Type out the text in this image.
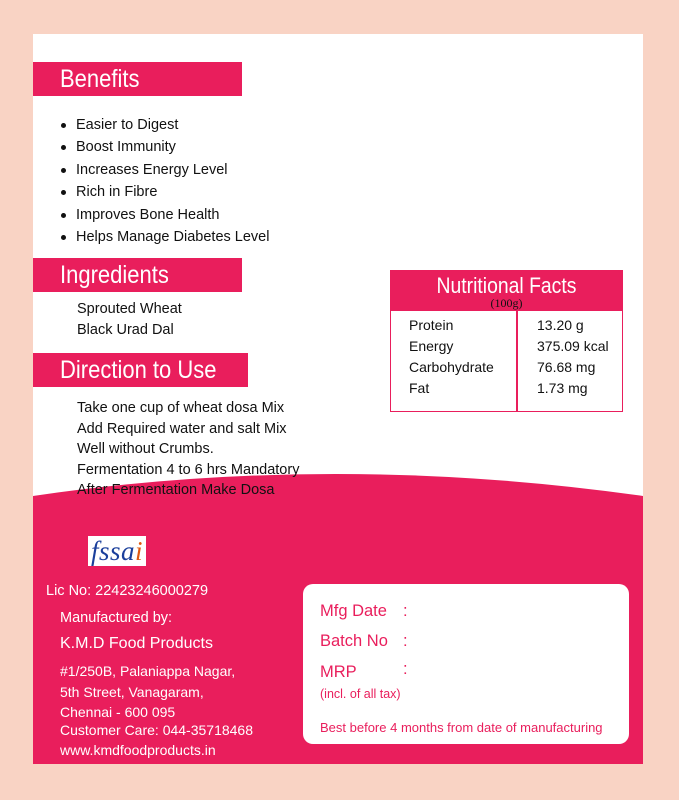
Benefits
Easier to Digest
Boost Immunity
Increases Energy Level
Rich in Fibre
Improves Bone Health
Helps Manage Diabetes Level
Ingredients
Sprouted Wheat
Black Urad Dal
Direction to Use
Take one cup of wheat dosa Mix
Add Required water and salt Mix
Well without Crumbs.
Fermentation 4 to 6 hrs Mandatory
After Fermentation Make Dosa
Nutritional Facts
(100g)
Protein	13.20 g
Energy	375.09 kcal
Carbohydrate	76.68 mg
Fat	1.73 mg
fssai
Lic No: 22423246000279
Manufactured by:
K.M.D Food Products
#1/250B, Palaniappa Nagar,
5th Street, Vanagaram,
Chennai - 600 095
Customer Care: 044-35718468
www.kmdfoodproducts.in
Mfg Date :
Batch No :
MRP	:
(incl. of all tax)
Best before 4 months from date of manufacturing
